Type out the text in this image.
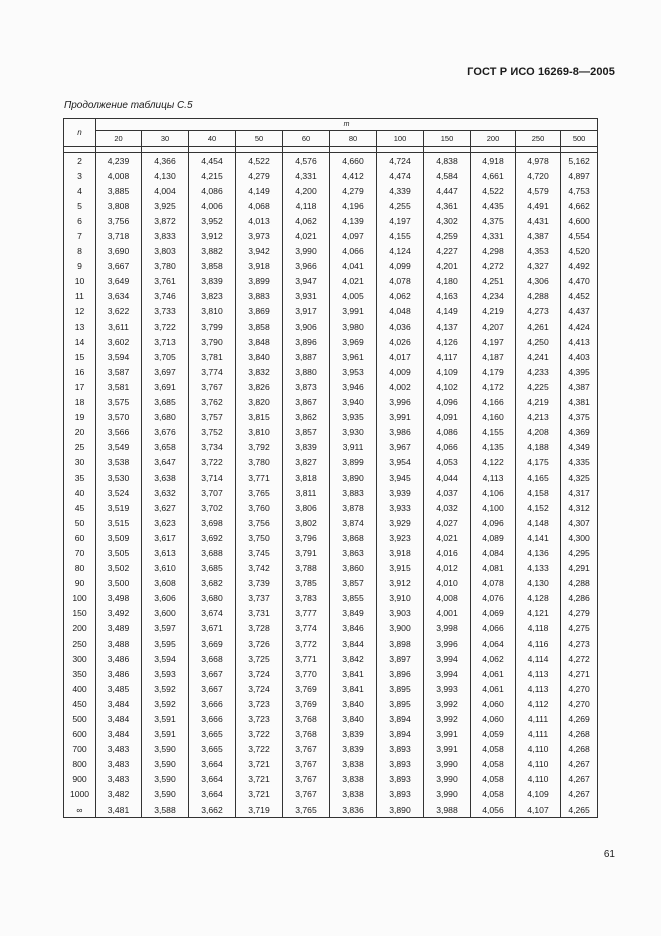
ГОСТ Р ИСО 16269-8—2005
Продолжение таблицы С.5
n	m										
	20	30	40	50	60	80	100	150	200	250	500

2	4,239	4,366	4,454	4,522	4,576	4,660	4,724	4,838	4,918	4,978	5,162
3	4,008	4,130	4,215	4,279	4,331	4,412	4,474	4,584	4,661	4,720	4,897
4	3,885	4,004	4,086	4,149	4,200	4,279	4,339	4,447	4,522	4,579	4,753
5	3,808	3,925	4,006	4,068	4,118	4,196	4,255	4,361	4,435	4,491	4,662
6	3,756	3,872	3,952	4,013	4,062	4,139	4,197	4,302	4,375	4,431	4,600
7	3,718	3,833	3,912	3,973	4,021	4,097	4,155	4,259	4,331	4,387	4,554
8	3,690	3,803	3,882	3,942	3,990	4,066	4,124	4,227	4,298	4,353	4,520
9	3,667	3,780	3,858	3,918	3,966	4,041	4,099	4,201	4,272	4,327	4,492
10	3,649	3,761	3,839	3,899	3,947	4,021	4,078	4,180	4,251	4,306	4,470
11	3,634	3,746	3,823	3,883	3,931	4,005	4,062	4,163	4,234	4,288	4,452
12	3,622	3,733	3,810	3,869	3,917	3,991	4,048	4,149	4,219	4,273	4,437
13	3,611	3,722	3,799	3,858	3,906	3,980	4,036	4,137	4,207	4,261	4,424
14	3,602	3,713	3,790	3,848	3,896	3,969	4,026	4,126	4,197	4,250	4,413
15	3,594	3,705	3,781	3,840	3,887	3,961	4,017	4,117	4,187	4,241	4,403
16	3,587	3,697	3,774	3,832	3,880	3,953	4,009	4,109	4,179	4,233	4,395
17	3,581	3,691	3,767	3,826	3,873	3,946	4,002	4,102	4,172	4,225	4,387
18	3,575	3,685	3,762	3,820	3,867	3,940	3,996	4,096	4,166	4,219	4,381
19	3,570	3,680	3,757	3,815	3,862	3,935	3,991	4,091	4,160	4,213	4,375
20	3,566	3,676	3,752	3,810	3,857	3,930	3,986	4,086	4,155	4,208	4,369
25	3,549	3,658	3,734	3,792	3,839	3,911	3,967	4,066	4,135	4,188	4,349
30	3,538	3,647	3,722	3,780	3,827	3,899	3,954	4,053	4,122	4,175	4,335
35	3,530	3,638	3,714	3,771	3,818	3,890	3,945	4,044	4,113	4,165	4,325
40	3,524	3,632	3,707	3,765	3,811	3,883	3,939	4,037	4,106	4,158	4,317
45	3,519	3,627	3,702	3,760	3,806	3,878	3,933	4,032	4,100	4,152	4,312
50	3,515	3,623	3,698	3,756	3,802	3,874	3,929	4,027	4,096	4,148	4,307
60	3,509	3,617	3,692	3,750	3,796	3,868	3,923	4,021	4,089	4,141	4,300
70	3,505	3,613	3,688	3,745	3,791	3,863	3,918	4,016	4,084	4,136	4,295
80	3,502	3,610	3,685	3,742	3,788	3,860	3,915	4,012	4,081	4,133	4,291
90	3,500	3,608	3,682	3,739	3,785	3,857	3,912	4,010	4,078	4,130	4,288
100	3,498	3,606	3,680	3,737	3,783	3,855	3,910	4,008	4,076	4,128	4,286
150	3,492	3,600	3,674	3,731	3,777	3,849	3,903	4,001	4,069	4,121	4,279
200	3,489	3,597	3,671	3,728	3,774	3,846	3,900	3,998	4,066	4,118	4,275
250	3,488	3,595	3,669	3,726	3,772	3,844	3,898	3,996	4,064	4,116	4,273
300	3,486	3,594	3,668	3,725	3,771	3,842	3,897	3,994	4,062	4,114	4,272
350	3,486	3,593	3,667	3,724	3,770	3,841	3,896	3,994	4,061	4,113	4,271
400	3,485	3,592	3,667	3,724	3,769	3,841	3,895	3,993	4,061	4,113	4,270
450	3,484	3,592	3,666	3,723	3,769	3,840	3,895	3,992	4,060	4,112	4,270
500	3,484	3,591	3,666	3,723	3,768	3,840	3,894	3,992	4,060	4,111	4,269
600	3,484	3,591	3,665	3,722	3,768	3,839	3,894	3,991	4,059	4,111	4,268
700	3,483	3,590	3,665	3,722	3,767	3,839	3,893	3,991	4,058	4,110	4,268
800	3,483	3,590	3,664	3,721	3,767	3,838	3,893	3,990	4,058	4,110	4,267
900	3,483	3,590	3,664	3,721	3,767	3,838	3,893	3,990	4,058	4,110	4,267
1000	3,482	3,590	3,664	3,721	3,767	3,838	3,893	3,990	4,058	4,109	4,267
∞	3,481	3,588	3,662	3,719	3,765	3,836	3,890	3,988	4,056	4,107	4,265
61
